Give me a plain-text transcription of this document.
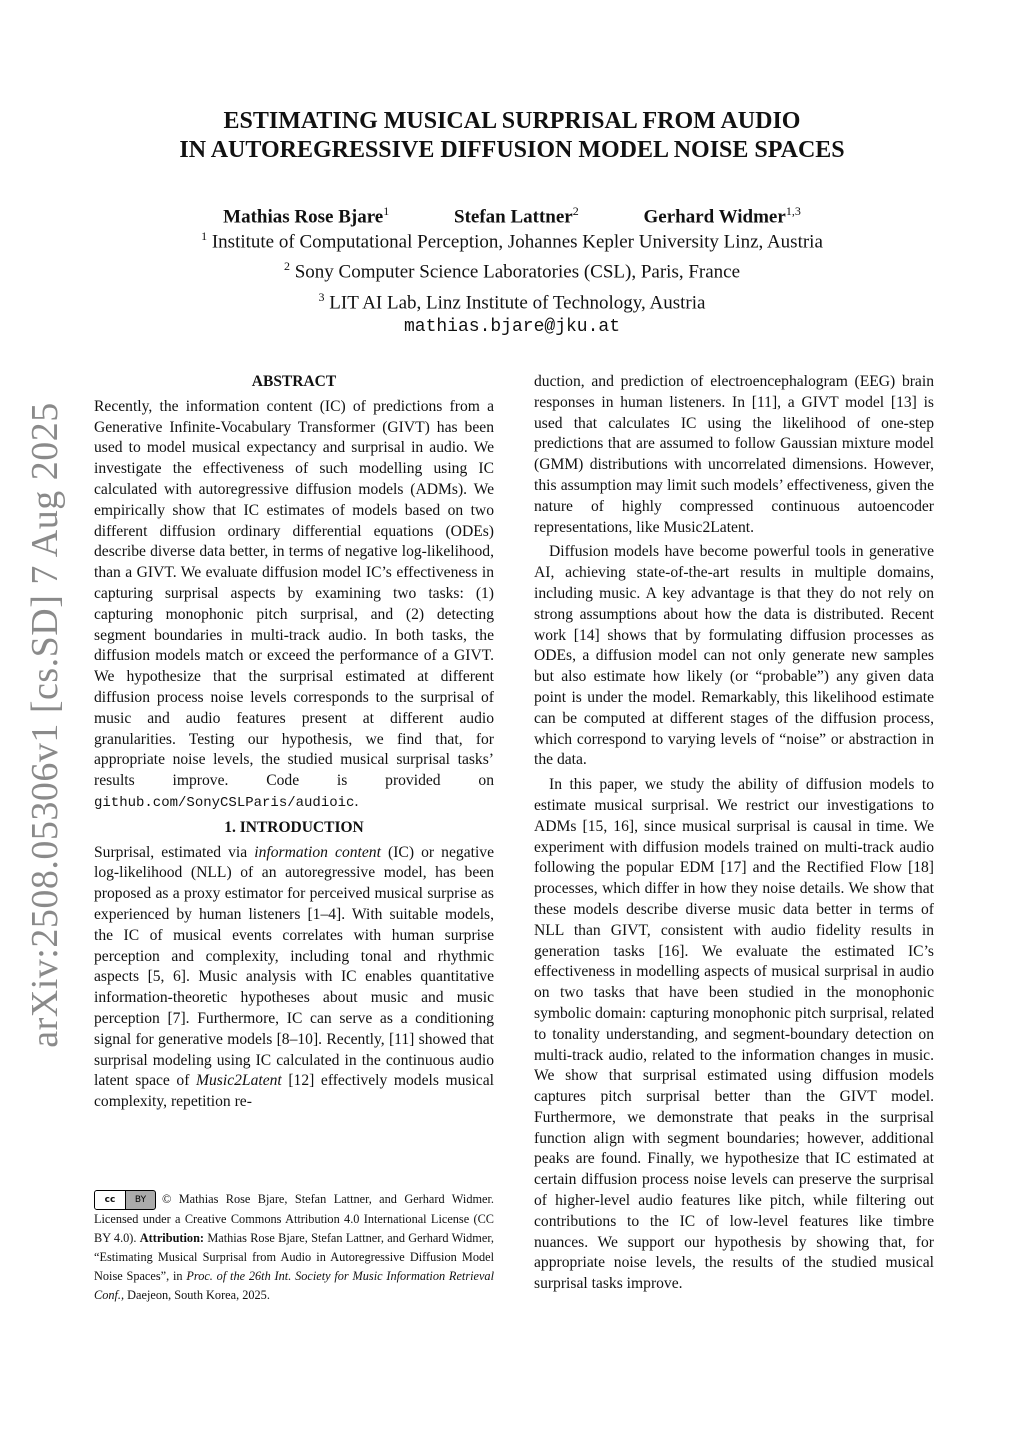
arXiv:2508.05306v1 [cs.SD] 7 Aug 2025
ESTIMATING MUSICAL SURPRISAL FROM AUDIO
IN AUTOREGRESSIVE DIFFUSION MODEL NOISE SPACES
Mathias Rose Bjare$^1$	Stefan Lattner$^2$	Gerhard Widmer$^{1,3}$
$^1$ Institute of Computational Perception, Johannes Kepler University Linz, Austria
$^2$ Sony Computer Science Laboratories (CSL), Paris, France
$^3$ LIT AI Lab, Linz Institute of Technology, Austria
mathias.bjare@jku.at

ABSTRACT

Recently, the information content (IC) of predictions from a Generative Infinite-Vocabulary Transformer (GIVT) has been used to model musical expectancy and surprisal in audio. We investigate the effectiveness of such modelling using IC calculated with autoregressive diffusion models (ADMs). We empirically show that IC estimates of models based on two different diffusion ordinary differential equations (ODEs) describe diverse data better, in terms of negative log-likelihood, than a GIVT. We evaluate diffusion model IC’s effectiveness in capturing surprisal aspects by examining two tasks: (1) capturing monophonic pitch surprisal, and (2) detecting segment boundaries in multi-track audio. In both tasks, the diffusion models match or exceed the performance of a GIVT. We hypothesize that the surprisal estimated at different diffusion process noise levels corresponds to the surprisal of music and audio features present at different audio granularities. Testing our hypothesis, we find that, for appropriate noise levels, the studied musical surprisal tasks’ results improve. Code is provided on github.com/SonyCSLParis/audioic.

1. INTRODUCTION

Surprisal, estimated via information content (IC) or negative log-likelihood (NLL) of an autoregressive model, has been proposed as a proxy estimator for perceived musical surprise as experienced by human listeners [1–4]. With suitable models, the IC of musical events correlates with human surprise perception and complexity, including tonal and rhythmic aspects [5, 6]. Music analysis with IC enables quantitative information-theoretic hypotheses about music and music perception [7]. Furthermore, IC can serve as a conditioning signal for generative models [8–10]. Recently, [11] showed that surprisal modeling using IC calculated in the continuous audio latent space of Music2Latent [12] effectively models musical complexity, repetition re-

duction, and prediction of electroencephalogram (EEG) brain responses in human listeners. In [11], a GIVT model [13] is used that calculates IC using the likelihood of one-step predictions that are assumed to follow Gaussian mixture model (GMM) distributions with uncorrelated dimensions. However, this assumption may limit such models’ effectiveness, given the nature of highly compressed continuous autoencoder representations, like Music2Latent.

Diffusion models have become powerful tools in generative AI, achieving state-of-the-art results in multiple domains, including music. A key advantage is that they do not rely on strong assumptions about how the data is distributed. Recent work [14] shows that by formulating diffusion processes as ODEs, a diffusion model can not only generate new samples but also estimate how likely (or “probable”) any given data point is under the model. Remarkably, this likelihood estimate can be computed at different stages of the diffusion process, which correspond to varying levels of “noise” or abstraction in the data.

In this paper, we study the ability of diffusion models to estimate musical surprisal. We restrict our investigations to ADMs [15, 16], since musical surprisal is causal in time. We experiment with diffusion models trained on multi-track audio following the popular EDM [17] and the Rectified Flow [18] processes, which differ in how they noise details. We show that these models describe diverse music data better in terms of NLL than GIVT, consistent with audio fidelity results in generation tasks [16]. We evaluate the estimated IC’s effectiveness in modelling aspects of musical surprisal in audio on two tasks that have been studied in the monophonic symbolic domain: capturing monophonic pitch surprisal, related to tonality understanding, and segment-boundary detection on multi-track audio, related to the information changes in music. We show that surprisal estimated using diffusion models captures pitch surprisal better than the GIVT model. Furthermore, we demonstrate that peaks in the surprisal function align with segment boundaries; however, additional peaks are found. Finally, we hypothesize that IC estimated at certain diffusion process noise levels can preserve the surprisal of higher-level audio features like pitch, while filtering out contributions to the IC of low-level features like timbre nuances. We support our hypothesis by showing that, for appropriate noise levels, the results of the studied musical surprisal tasks improve.

cc	BY	© Mathias Rose Bjare, Stefan Lattner, and Gerhard Widmer. Licensed under a Creative Commons Attribution 4.0 International License (CC BY 4.0). Attribution: Mathias Rose Bjare, Stefan Lattner, and Gerhard Widmer, “Estimating Musical Surprisal from Audio in Autoregressive Diffusion Model Noise Spaces”, in Proc. of the 26th Int. Society for Music Information Retrieval Conf., Daejeon, South Korea, 2025.
